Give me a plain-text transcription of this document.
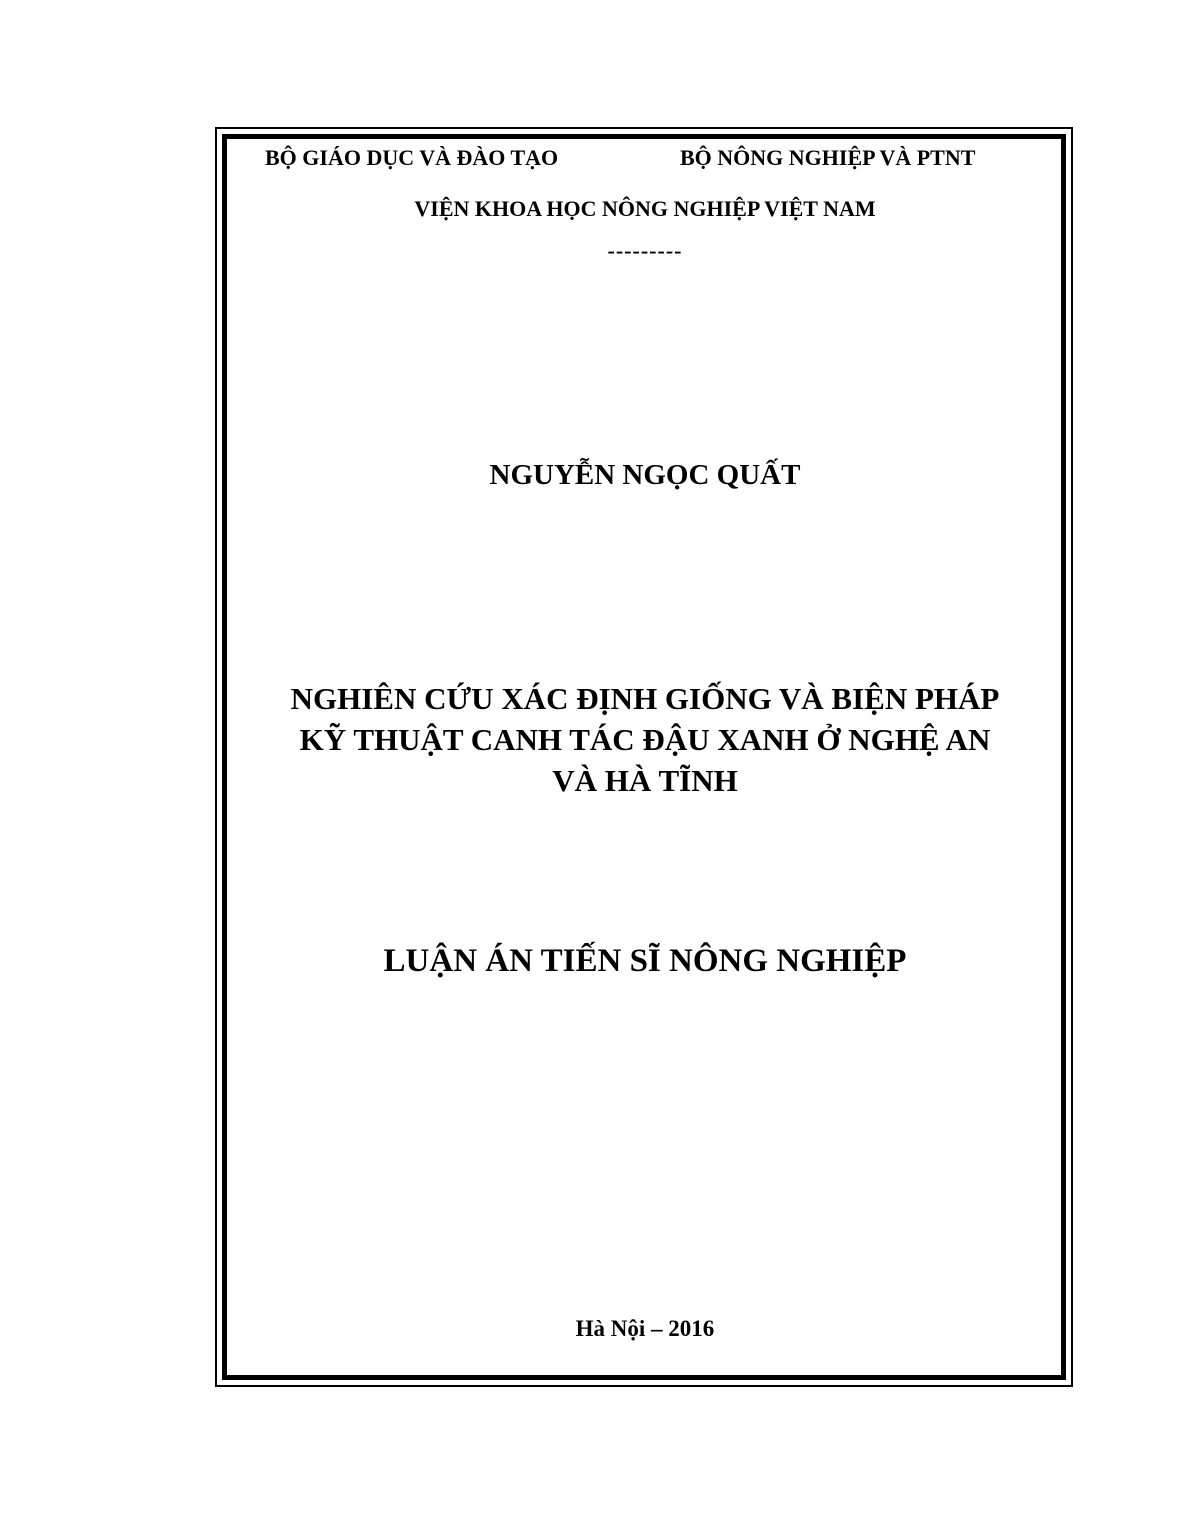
BỘ GIÁO DỤC VÀ ĐÀO TẠO	BỘ NÔNG NGHIỆP VÀ PTNT
VIỆN KHOA HỌC NÔNG NGHIỆP VIỆT NAM
---------
NGUYỄN NGỌC QUẤT
NGHIÊN CỨU XÁC ĐỊNH GIỐNG VÀ BIỆN PHÁP
KỸ THUẬT CANH TÁC ĐẬU XANH Ở NGHỆ AN
VÀ HÀ TĨNH
LUẬN ÁN TIẾN SĨ NÔNG NGHIỆP
Hà Nội – 2016
